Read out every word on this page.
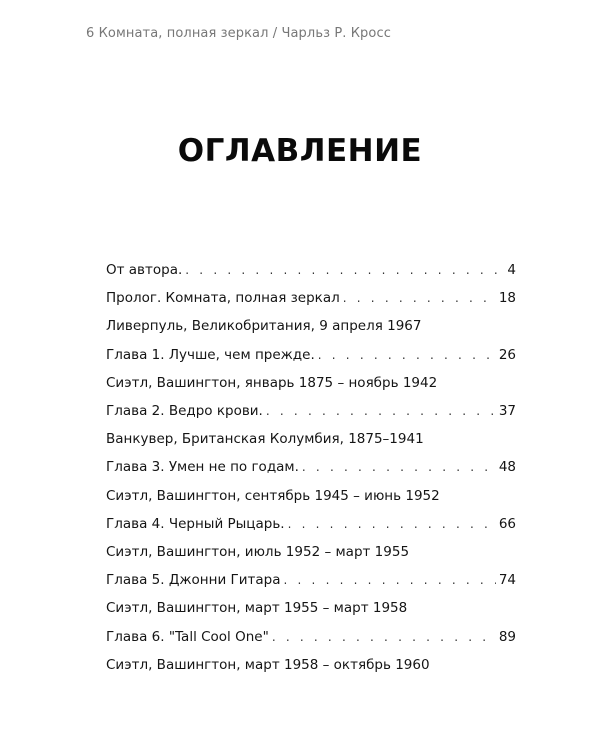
6 Комната, полная зеркал / Чарльз Р. Кросс
ОГЛАВЛЕНИЕ
От автора. . . .	4
Пролог. Комната, полная зеркал . . .	18
Ливерпуль, Великобритания, 9 апреля 1967
Глава 1. Лучше, чем прежде. . . .	26
Сиэтл, Вашингтон, январь 1875 – ноябрь 1942
Глава 2. Ведро крови. . . .	37
Ванкувер, Британская Колумбия, 1875–1941
Глава 3. Умен не по годам. . . .	48
Сиэтл, Вашингтон, сентябрь 1945 – июнь 1952
Глава 4. Черный Рыцарь. . . .	66
Сиэтл, Вашингтон, июль 1952 – март 1955
Глава 5. Джонни Гитара . . .	74
Сиэтл, Вашингтон, март 1955 – март 1958
Глава 6. "Tall Cool One" . . .	89
Сиэтл, Вашингтон, март 1958 – октябрь 1960
